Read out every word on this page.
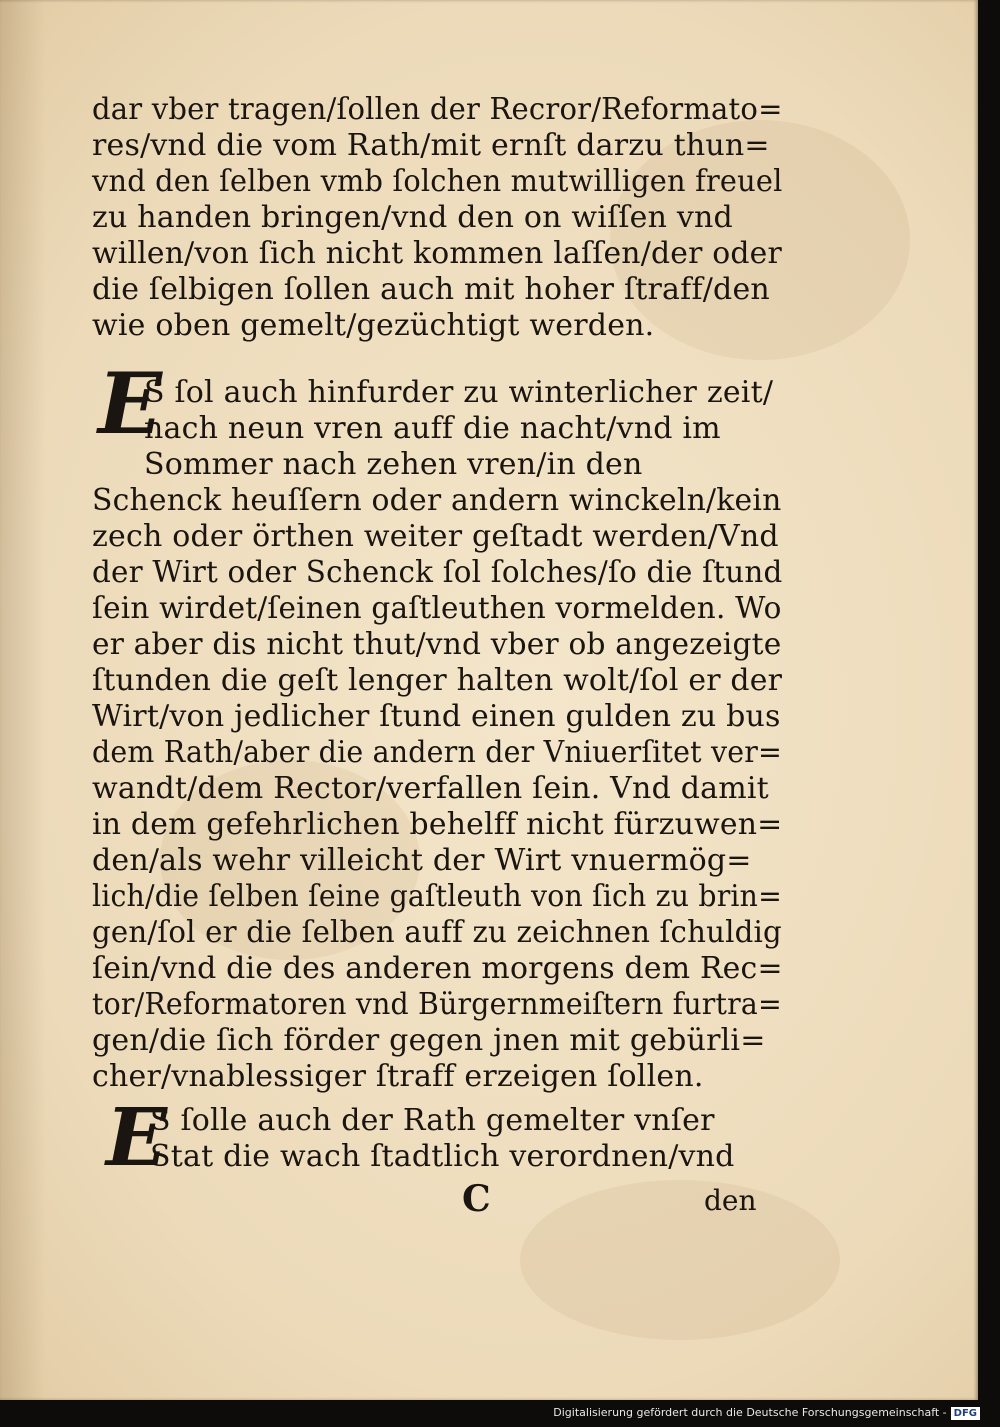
dar vber tragen/ſollen der Recror/Reformato=
res/vnd die vom Rath/mit ernſt darzu thun=
vnd den ſelben vmb ſolchen mutwilligen freuel
zu handen bringen/vnd den on wiſſen vnd
willen/von ſich nicht kommen laſſen/der oder
die ſelbigen ſollen auch mit hoher ſtraff/den
wie oben gemelt/gezüchtigt werden.
E
S ſol auch hinfurder zu winterlicher zeit/
nach neun vren auff die nacht/vnd im
Sommer nach zehen vren/in den
Schenck heuſſern oder andern winckeln/kein
zech oder örthen weiter geſtadt werden/Vnd
der Wirt oder Schenck ſol ſolches/ſo die ſtund
ſein wirdet/ſeinen gaſtleuthen vormelden. Wo
er aber dis nicht thut/vnd vber ob angezeigte
ſtunden die geſt lenger halten wolt/ſol er der
Wirt/von jedlicher ſtund einen gulden zu bus
dem Rath/aber die andern der Vniuerſitet ver=
wandt/dem Rector/verfallen ſein. Vnd damit
in dem gefehrlichen behelff nicht fürzuwen=
den/als wehr villeicht der Wirt vnuermög=
lich/die ſelben ſeine gaſtleuth von ſich zu brin=
gen/ſol er die ſelben auff zu zeichnen ſchuldig
ſein/vnd die des anderen morgens dem Rec=
tor/Reformatoren vnd Bürgernmeiſtern furtra=
gen/die ſich förder gegen jnen mit gebürli=
cher/vnablessiger ſtraff erzeigen ſollen.
E
S ſolle auch der Rath gemelter vnſer
Stat die wach ſtadtlich verordnen/vnd
C	den
Digitalisierung gefördert durch die Deutsche Forschungsgemeinschaft - DFG
